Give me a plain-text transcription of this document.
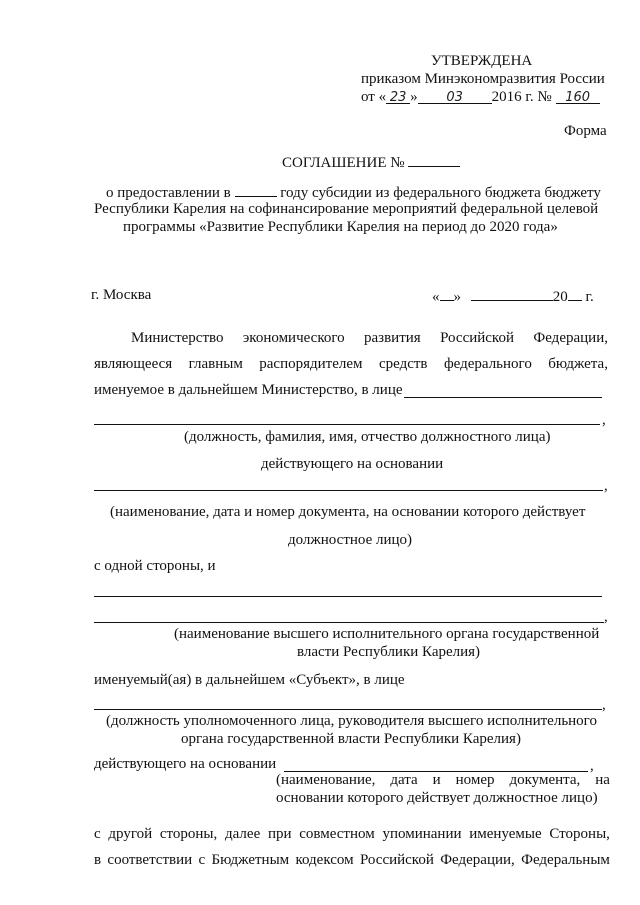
УТВЕРЖДЕНА
приказом Минэкономразвития России
от « 23 » 03 2016 г. № 160
Форма
СОГЛАШЕНИЕ №
о предоставлении в	году субсидии из федерального бюджета бюджету
Республики Карелия на софинансирование мероприятий федеральной целевой
программы «Развитие Республики Карелия на период до 2020 года»
г. Москва	« »	20 г.
Министерство экономического развития Российской Федерации,
являющееся главным распорядителем средств федерального бюджета,
именуемое в дальнейшем Министерство, в лице
,
(должность, фамилия, имя, отчество должностного лица)
действующего на основании
,
(наименование, дата и номер документа, на основании которого действует
должностное лицо)
с одной стороны, и
,
(наименование высшего исполнительного органа государственной
власти Республики Карелия)
именуемый(ая) в дальнейшем «Субъект», в лице
,
(должность уполномоченного лица, руководителя высшего исполнительного
органа государственной власти Республики Карелия)
действующего на основании	,
(наименование, дата и номер документа, на
основании которого действует должностное лицо)
с другой стороны, далее при совместном упоминании именуемые Стороны,
в соответствии с Бюджетным кодексом Российской Федерации, Федеральным
